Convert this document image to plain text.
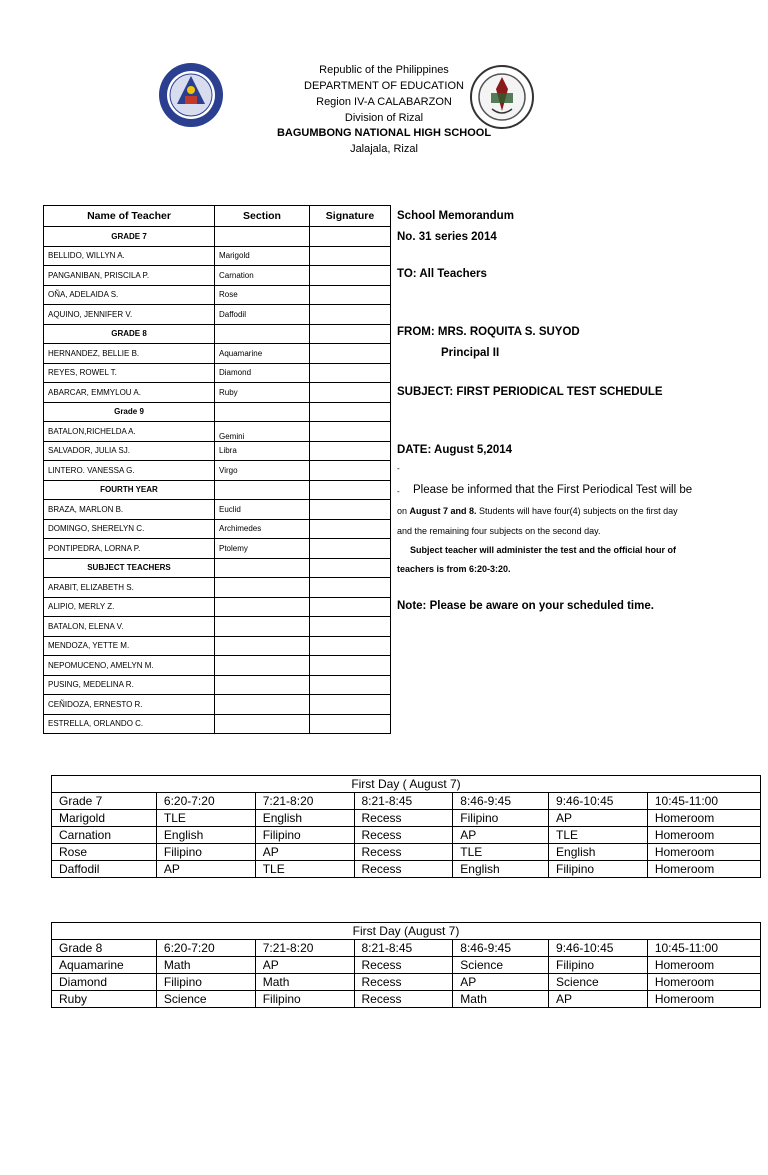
Republic of the Philippines
DEPARTMENT OF EDUCATION
Region IV-A CALABARZON
Division of Rizal
BAGUMBONG NATIONAL HIGH SCHOOL
Jalajala, Rizal
Name of Teacher	Section	Signature
GRADE 7		
BELLIDO, WILLYN A.	Marigold	
PANGANIBAN, PRISCILA P.	Carnation	
OÑA, ADELAIDA S.	Rose	
AQUINO, JENNIFER V.	Daffodil	
GRADE 8		
HERNANDEZ, BELLIE B.	Aquamarine	
REYES, ROWEL T.	Diamond	
ABARCAR, EMMYLOU A.	Ruby	
Grade 9		
BATALON,RICHELDA A.	Gemini	
SALVADOR, JULIA SJ.	Libra	
LINTERO. VANESSA G.	Virgo	
FOURTH YEAR		
BRAZA, MARLON B.	Euclid	
DOMINGO, SHERELYN C.	Archimedes	
PONTIPEDRA, LORNA P.	Ptolemy	
SUBJECT TEACHERS		
ARABIT, ELIZABETH S.		
ALIPIO, MERLY Z.		
BATALON, ELENA V.		
MENDOZA, YETTE M.		
NEPOMUCENO, AMELYN M.		
PUSING, MEDELINA R.		
CEÑIDOZA, ERNESTO R.		
ESTRELLA, ORLANDO C.		
School Memorandum
No. 31 series 2014
TO: All Teachers
FROM: MRS. ROQUITA S. SUYOD
Principal II
SUBJECT: FIRST PERIODICAL TEST SCHEDULE
DATE: August 5,2014
-
- Please be informed that the First Periodical Test will be
on August 7 and 8. Students will have four(4) subjects on the first day
and the remaining four subjects on the second day.
Subject teacher will administer the test and the official hour of
teachers is from 6:20-3:20.
Note: Please be aware on your scheduled time.
First Day ( August 7)						
Grade 7	6:20-7:20	7:21-8:20	8:21-8:45	8:46-9:45	9:46-10:45	10:45-11:00
Marigold	TLE	English	Recess	Filipino	AP	Homeroom
Carnation	English	Filipino	Recess	AP	TLE	Homeroom
Rose	Filipino	AP	Recess	TLE	English	Homeroom
Daffodil	AP	TLE	Recess	English	Filipino	Homeroom
First Day (August 7)						
Grade 8	6:20-7:20	7:21-8:20	8:21-8:45	8:46-9:45	9:46-10:45	10:45-11:00
Aquamarine	Math	AP	Recess	Science	Filipino	Homeroom
Diamond	Filipino	Math	Recess	AP	Science	Homeroom
Ruby	Science	Filipino	Recess	Math	AP	Homeroom
